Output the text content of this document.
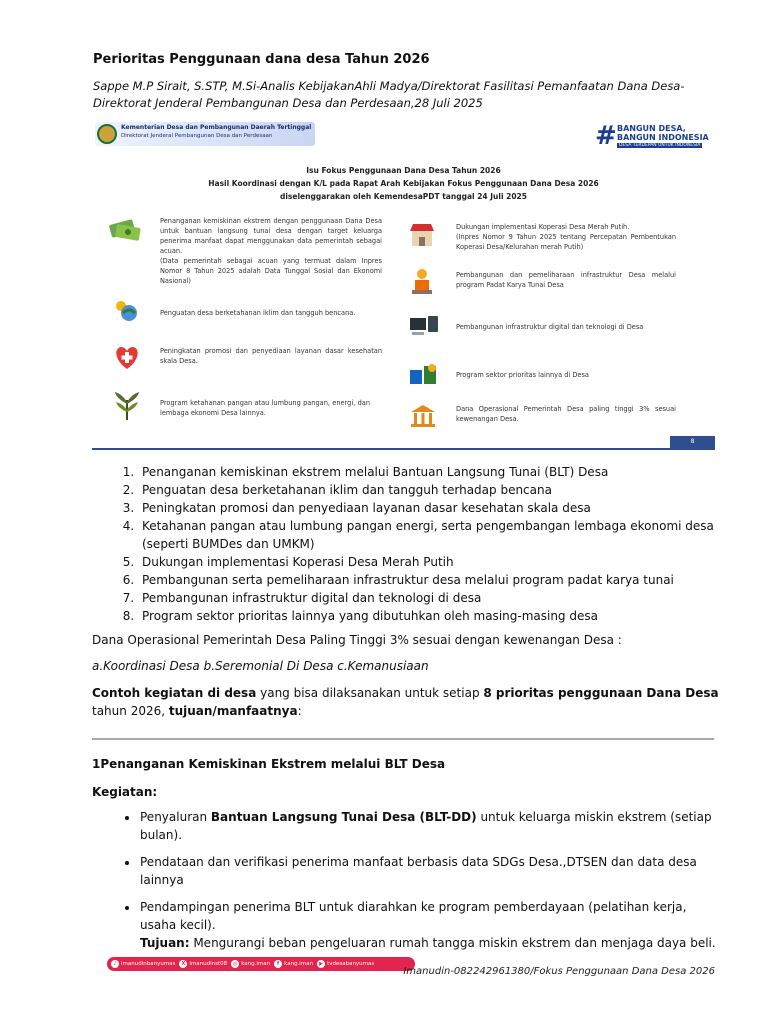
Perioritas Penggunaan dana desa Tahun 2026
Sappe M.P Sirait, S.STP, M.Si-Analis KebijakanAhli Madya/Direktorat Fasilitasi Pemanfaatan Dana Desa-Direktorat Jenderal Pembangunan Desa dan Perdesaan,28 Juli 2025
Kementerian Desa dan Pembangunan Daerah Tertinggal
Direktorat Jenderal Pembangunan Desa dan Perdesaan	# BANGUN DESA,
BANGUN INDONESIA
DESA TERDEPAN UNTUK INDONESIA
Isu Fokus Penggunaan Dana Desa Tahun 2026
Hasil Koordinasi dengan K/L pada Rapat Arah Kebijakan Fokus Penggunaan Dana Desa 2026
diselenggarakan oleh KemendesaPDT tanggal 24 Juli 2025
Penanganan kemiskinan ekstrem dengan penggunaan Dana Desa untuk bantuan langsung tunai desa dengan target keluarga penerima manfaat dapat menggunakan data pemerintah sebagai acuan.
(Data pemerintah sebagai acuan yang termuat dalam Inpres Nomor 8 Tahun 2025 adalah Data Tunggal Sosial dan Ekonomi Nasional)
Penguatan desa berketahanan iklim dan tangguh bencana.
Peningkatan promosi dan penyediaan layanan dasar kesehatan skala Desa.
Program ketahanan pangan atau lumbung pangan, energi, dan lembaga ekonomi Desa lainnya.
Dukungan implementasi Koperasi Desa Merah Putih.
(Inpres Nomor 9 Tahun 2025 tentang Percepatan Pembentukan Koperasi Desa/Kelurahan merah Putih)
Pembangunan dan pemeliharaan infrastruktur Desa melalui program Padat Karya Tunai Desa
Pembangunan infrastruktur digital dan teknologi di Desa
Program sektor prioritas lainnya di Desa
Dana Operasional Pemerintah Desa paling tinggi 3% sesuai kewenangan Desa.
8
1. Penanganan kemiskinan ekstrem melalui Bantuan Langsung Tunai (BLT) Desa
2. Penguatan desa berketahanan iklim dan tangguh terhadap bencana
3. Peningkatan promosi dan penyediaan layanan dasar kesehatan skala desa
4. Ketahanan pangan atau lumbung pangan energi, serta pengembangan lembaga ekonomi desa (seperti BUMDes dan UMKM)
5. Dukungan implementasi Koperasi Desa Merah Putih
6. Pembangunan serta pemeliharaan infrastruktur desa melalui program padat karya tunai
7. Pembangunan infrastruktur digital dan teknologi di desa
8. Program sektor prioritas lainnya yang dibutuhkan oleh masing-masing desa
Dana Operasional Pemerintah Desa Paling Tinggi 3% sesuai dengan kewenangan Desa :
a.Koordinasi Desa b.Seremonial Di Desa c.Kemanusiaan
Contoh kegiatan di desa yang bisa dilaksanakan untuk setiap 8 prioritas penggunaan Dana Desa tahun 2026, tujuan/manfaatnya:
1Penanganan Kemiskinan Ekstrem melalui BLT Desa
Kegiatan:
• Penyaluran Bantuan Langsung Tunai Desa (BLT-DD) untuk keluarga miskin ekstrem (setiap bulan).
• Pendataan dan verifikasi penerima manfaat berbasis data SDGs Desa.,DTSEN dan data desa lainnya
• Pendampingan penerima BLT untuk diarahkan ke program pemberdayaan (pelatihan kerja, usaha kecil).
Tujuan: Mengurangi beban pengeluaran rumah tangga miskin ekstrem dan menjaga daya beli.
♪ imanudinbanyumas	X imanudinst08	◎ kang.iman	f kang.iman	▶ tvdesabanyumas
Imanudin-082242961380/Fokus Penggunaan Dana Desa 2026
